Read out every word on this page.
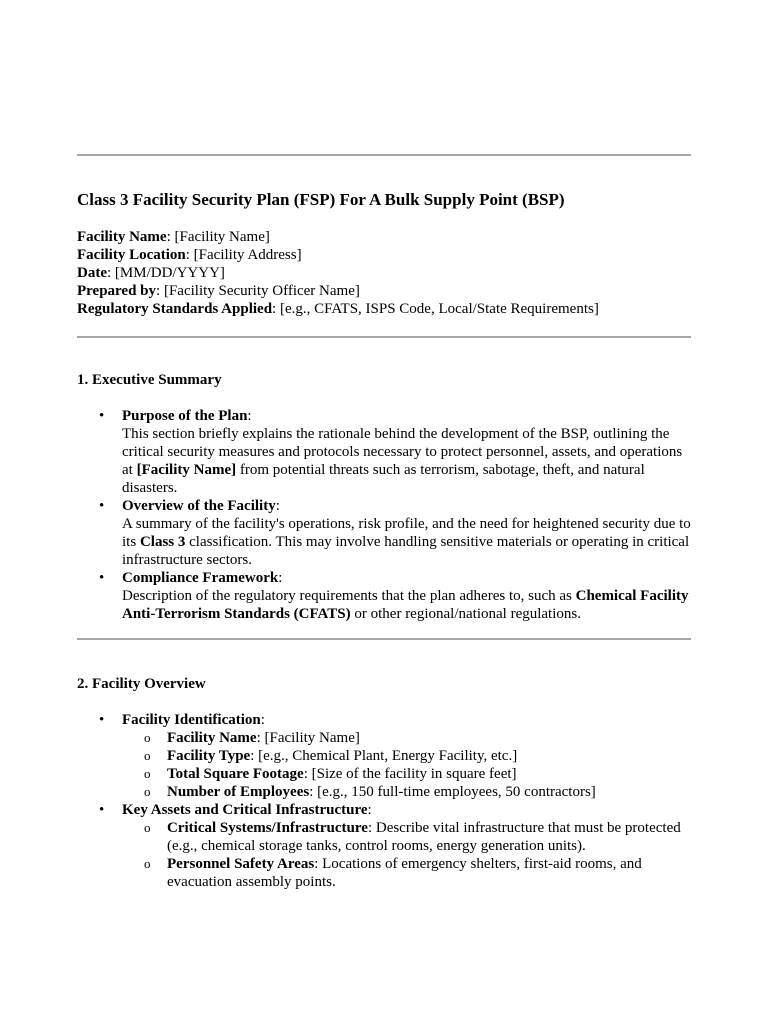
Class 3 Facility Security Plan (FSP) For A Bulk Supply Point (BSP)
Facility Name: [Facility Name]
Facility Location: [Facility Address]
Date: [MM/DD/YYYY]
Prepared by: [Facility Security Officer Name]
Regulatory Standards Applied: [e.g., CFATS, ISPS Code, Local/State Requirements]
1. Executive Summary
• Purpose of the Plan:
This section briefly explains the rationale behind the development of the BSP, outlining the critical security measures and protocols necessary to protect personnel, assets, and operations at [Facility Name] from potential threats such as terrorism, sabotage, theft, and natural disasters.
• Overview of the Facility:
A summary of the facility's operations, risk profile, and the need for heightened security due to its Class 3 classification. This may involve handling sensitive materials or operating in critical infrastructure sectors.
• Compliance Framework:
Description of the regulatory requirements that the plan adheres to, such as Chemical Facility Anti-Terrorism Standards (CFATS) or other regional/national regulations.
2. Facility Overview
• Facility Identification:
o Facility Name: [Facility Name]
o Facility Type: [e.g., Chemical Plant, Energy Facility, etc.]
o Total Square Footage: [Size of the facility in square feet]
o Number of Employees: [e.g., 150 full-time employees, 50 contractors]
• Key Assets and Critical Infrastructure:
o Critical Systems/Infrastructure: Describe vital infrastructure that must be protected (e.g., chemical storage tanks, control rooms, energy generation units).
o Personnel Safety Areas: Locations of emergency shelters, first-aid rooms, and evacuation assembly points.
